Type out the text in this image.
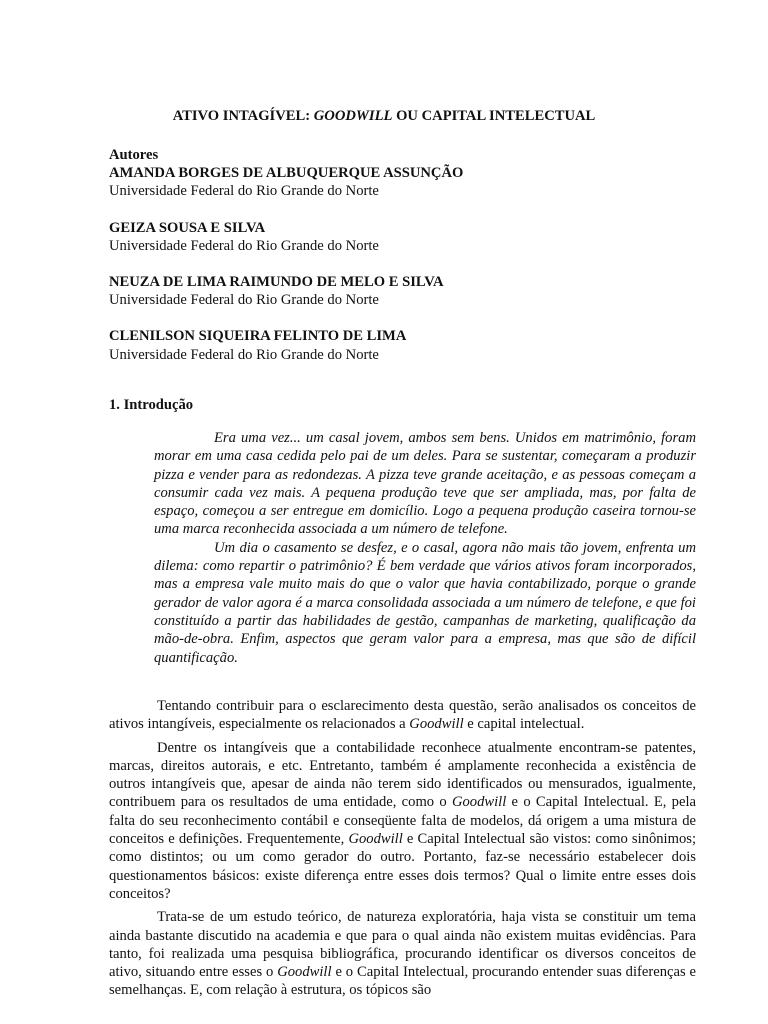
ATIVO INTAGÍVEL: GOODWILL OU CAPITAL INTELECTUAL
Autores
AMANDA BORGES DE ALBUQUERQUE ASSUNÇÃO
Universidade Federal do Rio Grande do Norte
GEIZA SOUSA E SILVA
Universidade Federal do Rio Grande do Norte
NEUZA DE LIMA RAIMUNDO DE MELO E SILVA
Universidade Federal do Rio Grande do Norte
CLENILSON SIQUEIRA FELINTO DE LIMA
Universidade Federal do Rio Grande do Norte
1. Introdução

Era uma vez... um casal jovem, ambos sem bens. Unidos em matrimônio, foram morar em uma casa cedida pelo pai de um deles. Para se sustentar, começaram a produzir pizza e vender para as redondezas. A pizza teve grande aceitação, e as pessoas começam a consumir cada vez mais. A pequena produção teve que ser ampliada, mas, por falta de espaço, começou a ser entregue em domicílio. Logo a pequena produção caseira tornou-se uma marca reconhecida associada a um número de telefone.

Um dia o casamento se desfez, e o casal, agora não mais tão jovem, enfrenta um dilema: como repartir o patrimônio? É bem verdade que vários ativos foram incorporados, mas a empresa vale muito mais do que o valor que havia contabilizado, porque o grande gerador de valor agora é a marca consolidada associada a um número de telefone, e que foi constituído a partir das habilidades de gestão, campanhas de marketing, qualificação da mão-de-obra. Enfim, aspectos que geram valor para a empresa, mas que são de difícil quantificação.

Tentando contribuir para o esclarecimento desta questão, serão analisados os conceitos de ativos intangíveis, especialmente os relacionados a Goodwill e capital intelectual.

Dentre os intangíveis que a contabilidade reconhece atualmente encontram-se patentes, marcas, direitos autorais, e etc. Entretanto, também é amplamente reconhecida a existência de outros intangíveis que, apesar de ainda não terem sido identificados ou mensurados, igualmente, contribuem para os resultados de uma entidade, como o Goodwill e o Capital Intelectual. E, pela falta do seu reconhecimento contábil e conseqüente falta de modelos, dá origem a uma mistura de conceitos e definições. Frequentemente, Goodwill e Capital Intelectual são vistos: como sinônimos; como distintos; ou um como gerador do outro. Portanto, faz-se necessário estabelecer dois questionamentos básicos: existe diferença entre esses dois termos? Qual o limite entre esses dois conceitos?

Trata-se de um estudo teórico, de natureza exploratória, haja vista se constituir um tema ainda bastante discutido na academia e que para o qual ainda não existem muitas evidências. Para tanto, foi realizada uma pesquisa bibliográfica, procurando identificar os diversos conceitos de ativo, situando entre esses o Goodwill e o Capital Intelectual, procurando entender suas diferenças e semelhanças. E, com relação à estrutura, os tópicos são
